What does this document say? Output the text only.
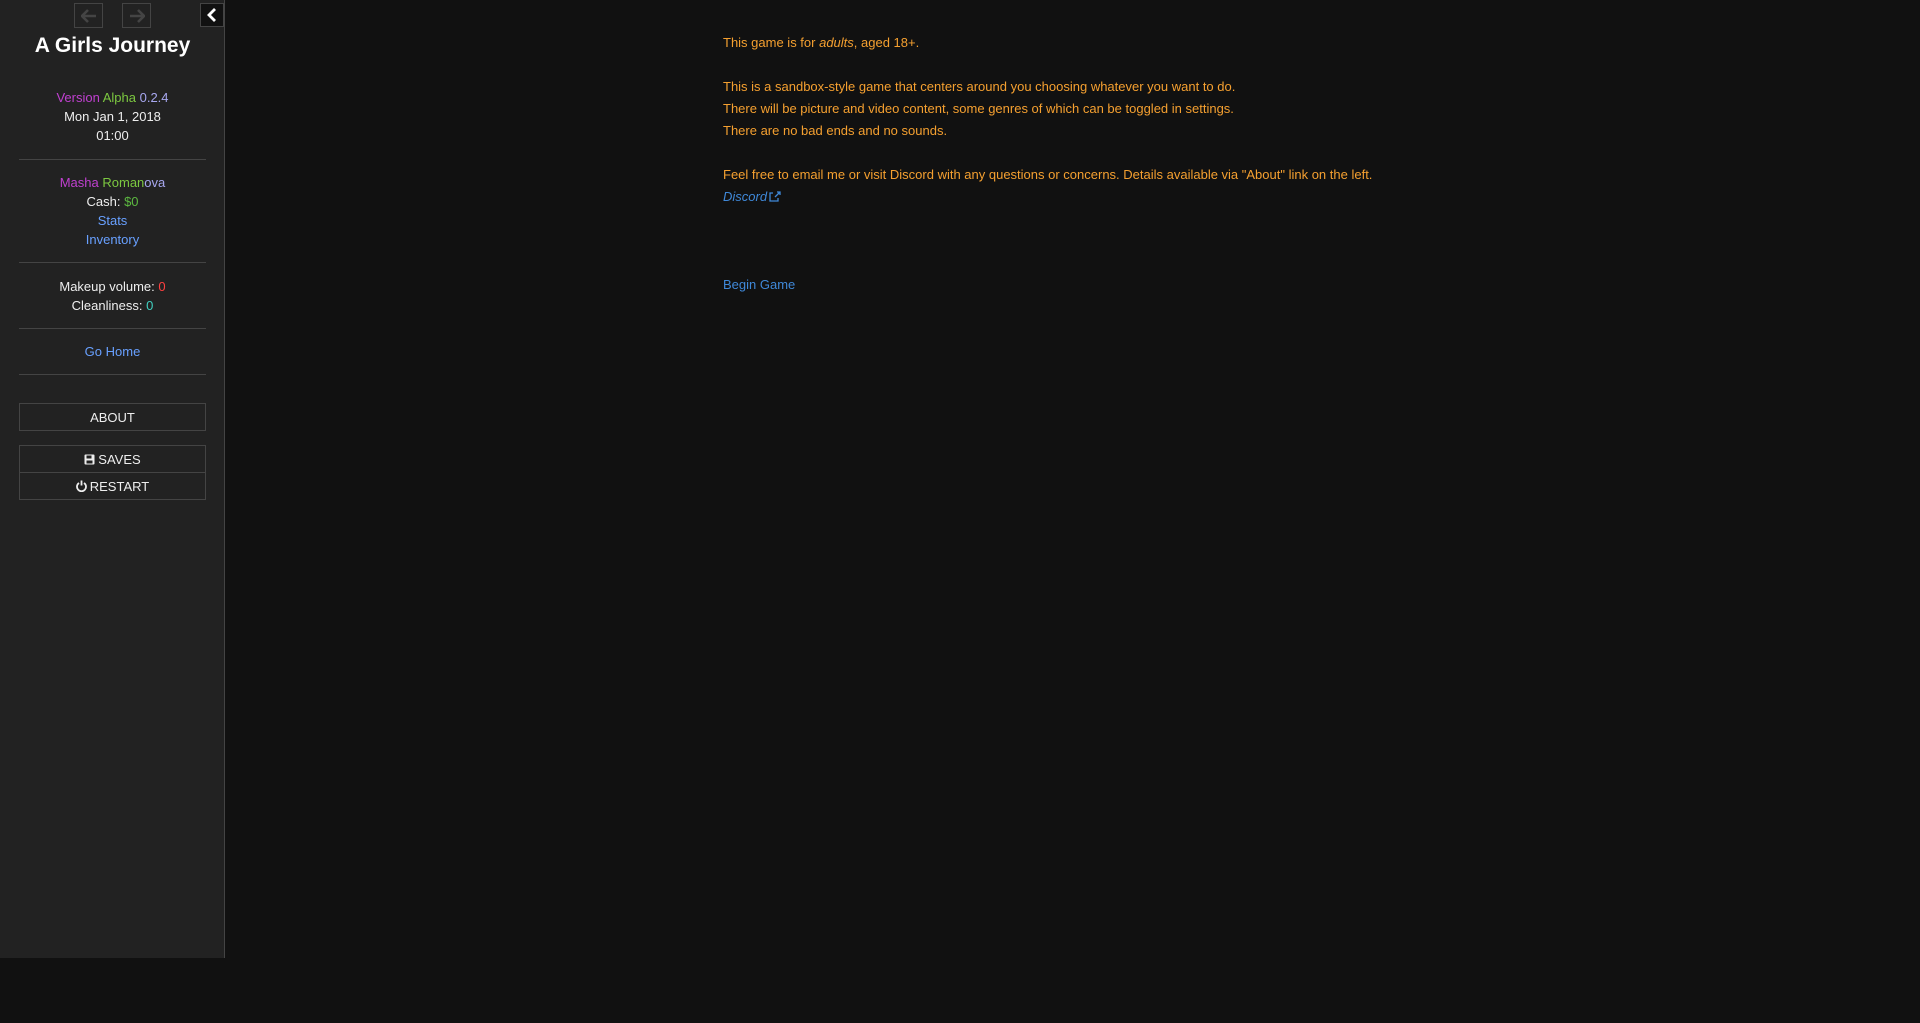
A Girls Journey
Version Alpha 0.2.4
Mon Jan 1, 2018
01:00
Masha Romanova
Cash: $0
Stats
Inventory
Makeup volume: 0
Cleanliness: 0
Go Home
ABOUT
SAVES
RESTART

This game is for adults, aged 18+.

This is a sandbox-style game that centers around you choosing whatever you want to do.

There will be picture and video content, some genres of which can be toggled in settings.

There are no bad ends and no sounds.

Feel free to email me or visit Discord with any questions or concerns. Details available via "About" link on the left.

Discord

Begin Game
